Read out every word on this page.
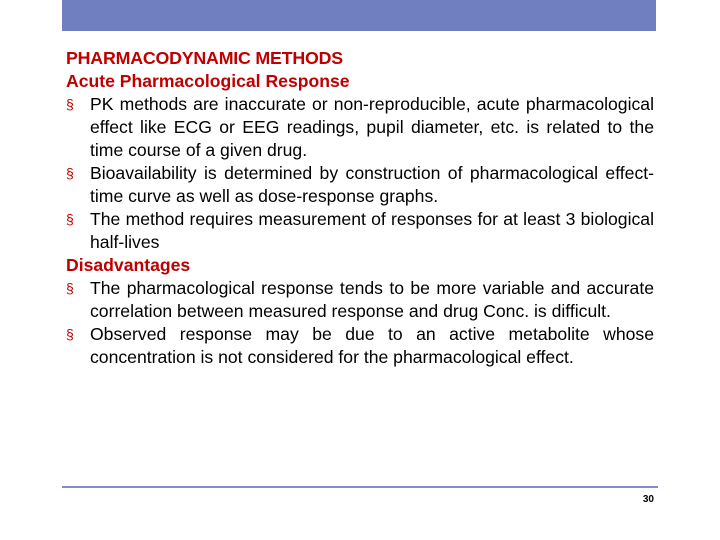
PHARMACODYNAMIC METHODS
Acute Pharmacological Response
§ PK methods are inaccurate or non-reproducible, acute pharmacological effect like ECG or EEG readings, pupil diameter, etc. is related to the time course of a given drug.
§ Bioavailability is determined by construction of pharmacological effect-time curve as well as dose-response graphs.
§ The method requires measurement of responses for at least 3 biological half-lives
Disadvantages
§ The pharmacological response tends to be more variable and accurate correlation between measured response and drug Conc. is difficult.
§ Observed response may be due to an active metabolite whose concentration is not considered for the pharmacological effect.
30
